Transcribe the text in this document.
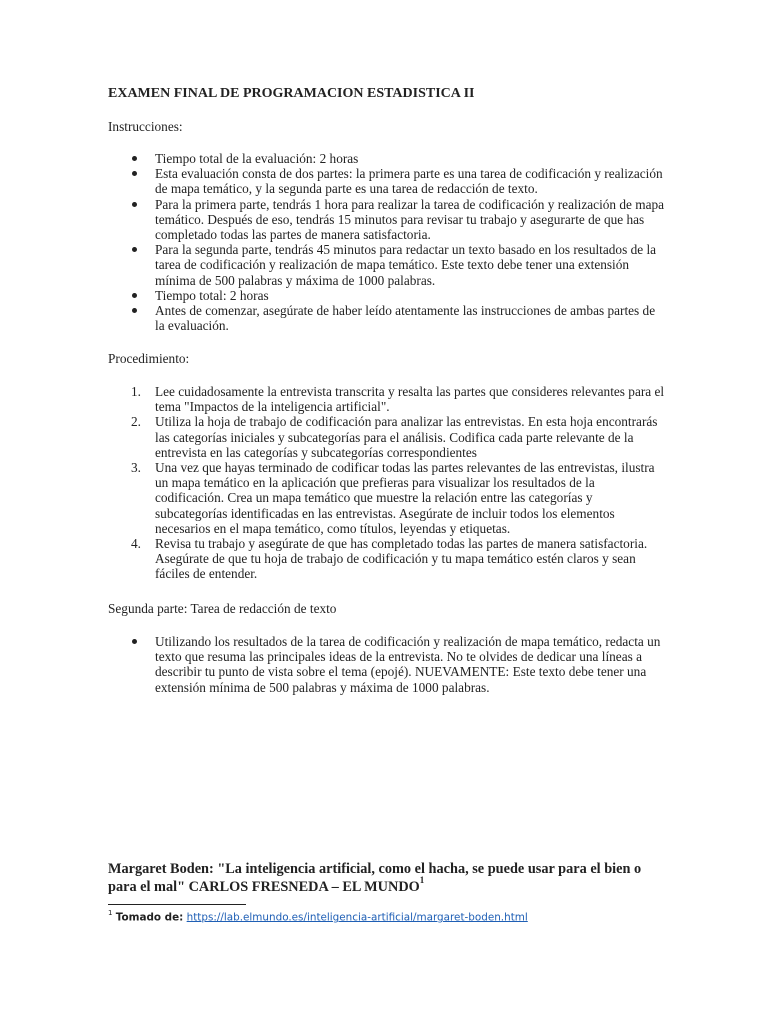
EXAMEN FINAL DE PROGRAMACION ESTADISTICA II
Instrucciones:
Tiempo total de la evaluación: 2 horas
Esta evaluación consta de dos partes: la primera parte es una tarea de codificación y realización de mapa temático, y la segunda parte es una tarea de redacción de texto.
Para la primera parte, tendrás 1 hora para realizar la tarea de codificación y realización de mapa temático. Después de eso, tendrás 15 minutos para revisar tu trabajo y asegurarte de que has completado todas las partes de manera satisfactoria.
Para la segunda parte, tendrás 45 minutos para redactar un texto basado en los resultados de la tarea de codificación y realización de mapa temático. Este texto debe tener una extensión mínima de 500 palabras y máxima de 1000 palabras.
Tiempo total: 2 horas
Antes de comenzar, asegúrate de haber leído atentamente las instrucciones de ambas partes de la evaluación.
Procedimiento:
1.	Lee cuidadosamente la entrevista transcrita y resalta las partes que consideres relevantes para el tema "Impactos de la inteligencia artificial".
2.	Utiliza la hoja de trabajo de codificación para analizar las entrevistas. En esta hoja encontrarás las categorías iniciales y subcategorías para el análisis. Codifica cada parte relevante de la entrevista en las categorías y subcategorías correspondientes
3.	Una vez que hayas terminado de codificar todas las partes relevantes de las entrevistas, ilustra un mapa temático en la aplicación que prefieras para visualizar los resultados de la codificación. Crea un mapa temático que muestre la relación entre las categorías y subcategorías identificadas en las entrevistas. Asegúrate de incluir todos los elementos necesarios en el mapa temático, como títulos, leyendas y etiquetas.
4.	Revisa tu trabajo y asegúrate de que has completado todas las partes de manera satisfactoria. Asegúrate de que tu hoja de trabajo de codificación y tu mapa temático estén claros y sean fáciles de entender.
Segunda parte: Tarea de redacción de texto
Utilizando los resultados de la tarea de codificación y realización de mapa temático, redacta un texto que resuma las principales ideas de la entrevista. No te olvides de dedicar una líneas a describir tu punto de vista sobre el tema (epojé). NUEVAMENTE: Este texto debe tener una extensión mínima de 500 palabras y máxima de 1000 palabras.
Margaret Boden: "La inteligencia artificial, como el hacha, se puede usar para el bien o para el mal" CARLOS FRESNEDA – EL MUNDO$^1$
$^1$ Tomado de: https://lab.elmundo.es/inteligencia-artificial/margaret-boden.html
